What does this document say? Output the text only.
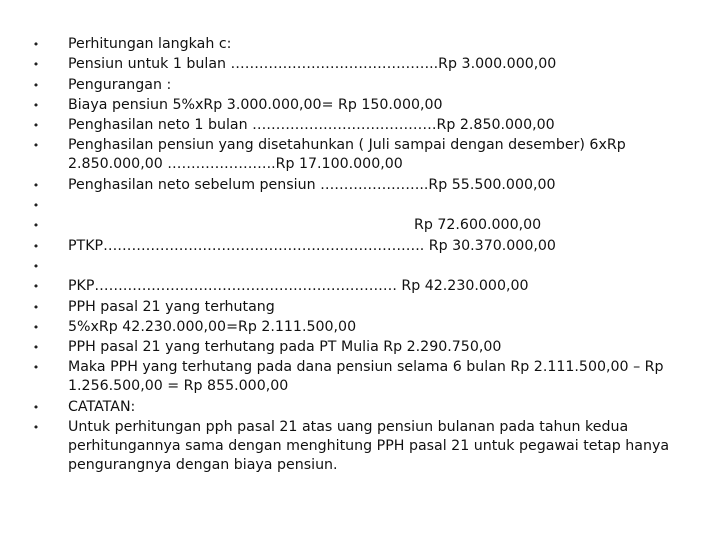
• Perhitungan langkah c:
• Pensiun untuk 1 bulan ……………………………………..Rp 3.000.000,00
• Pengurangan :
• Biaya pensiun 5%xRp 3.000.000,00= Rp 150.000,00
• Penghasilan neto 1 bulan …………………………………Rp 2.850.000,00
• Penghasilan pensiun yang disetahunkan ( Juli sampai dengan desember) 6xRp 2.850.000,00 …………………..Rp 17.100.000,00
• Penghasilan neto sebelum pensiun …………………..Rp 55.500.000,00
•
•	Rp 72.600.000,00
• PTKP………………………………………………………….. Rp 30.370.000,00
•
• PKP………………………………………………………. Rp 42.230.000,00
• PPH pasal 21 yang terhutang
• 5%xRp 42.230.000,00=Rp 2.111.500,00
• PPH pasal 21 yang terhutang pada PT Mulia Rp 2.290.750,00
• Maka PPH yang terhutang pada dana pensiun selama 6 bulan Rp 2.111.500,00 – Rp 1.256.500,00 = Rp 855.000,00
• CATATAN:
• Untuk perhitungan pph pasal 21 atas uang pensiun bulanan pada tahun kedua perhitungannya sama dengan menghitung PPH pasal 21 untuk pegawai tetap hanya pengurangnya dengan biaya pensiun.
